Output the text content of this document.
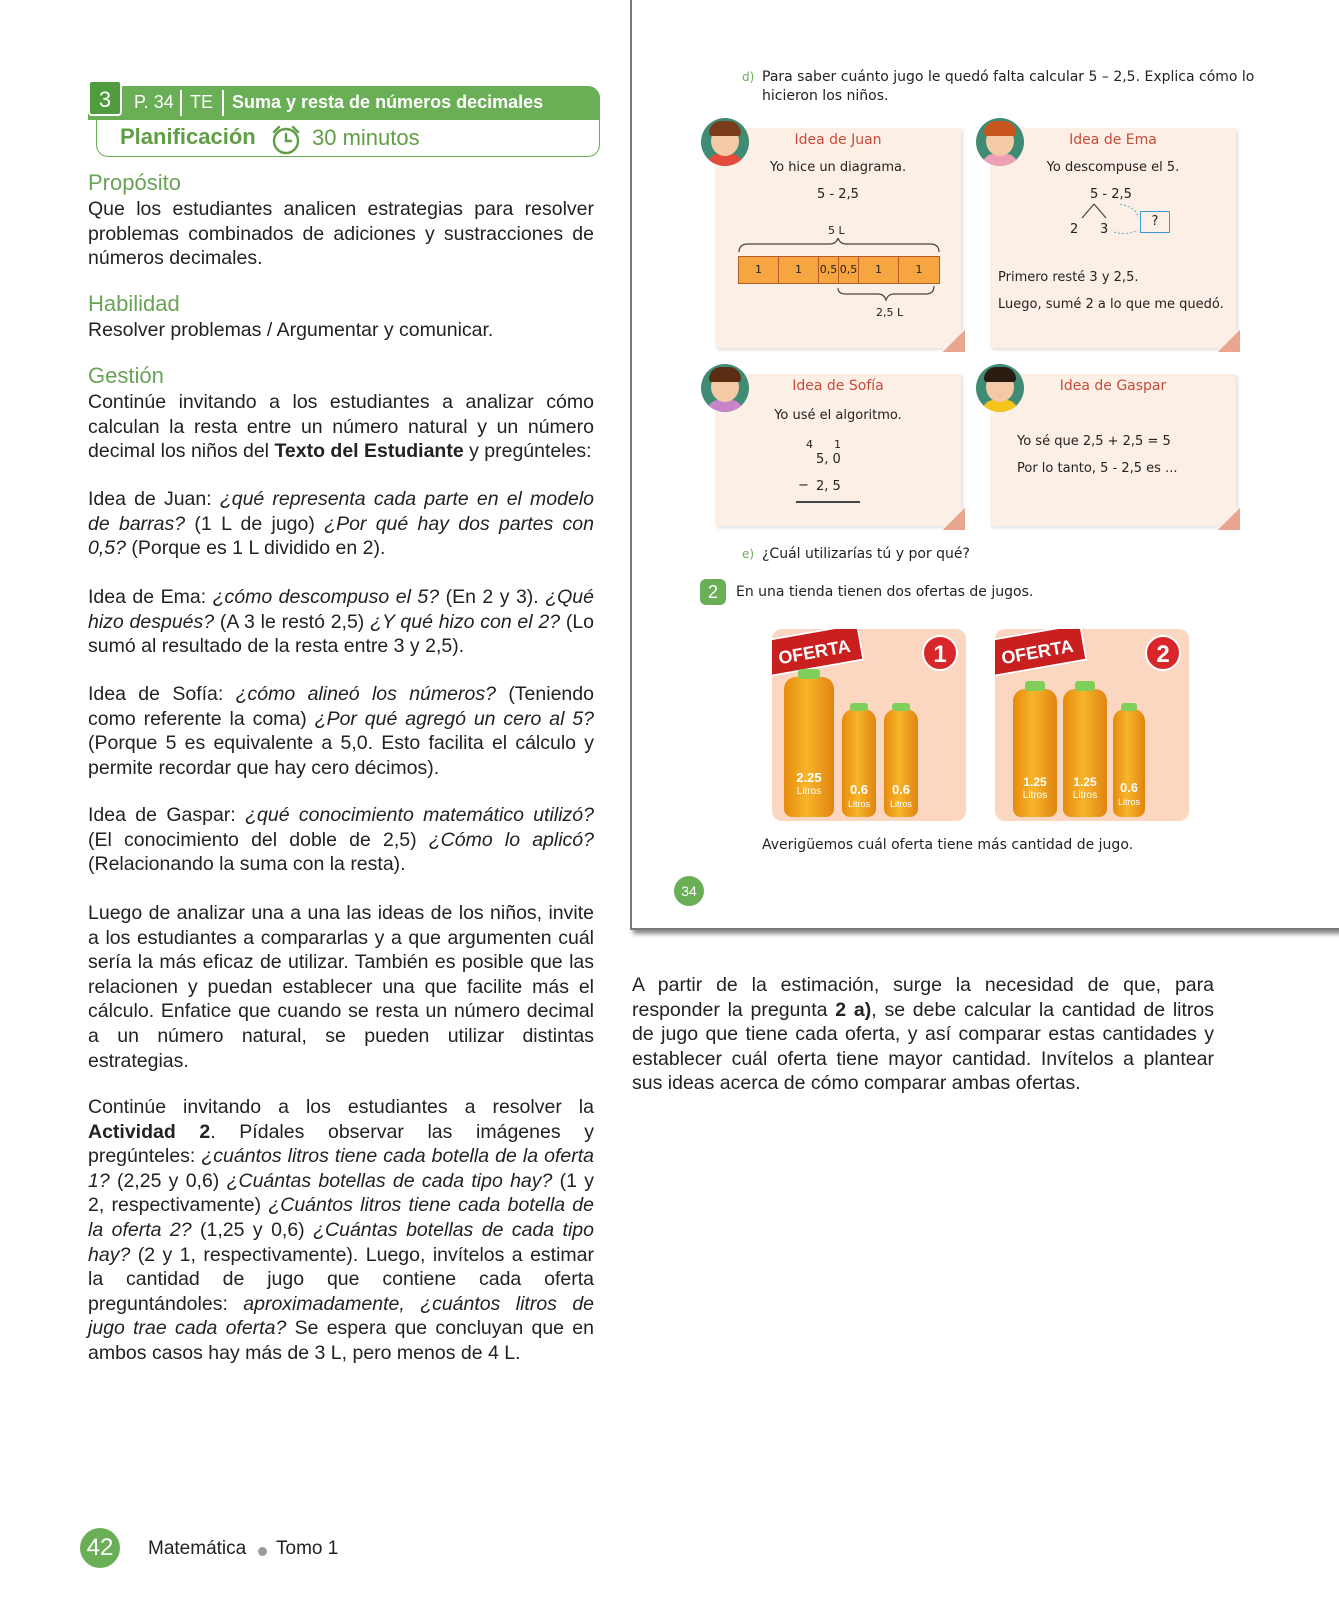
3	P. 34 TE Suma y resta de números decimales
Planificación	30 minutos
Propósito
Que los estudiantes analicen estrategias para resolver problemas combinados de adiciones y sustracciones de números decimales.
Habilidad
Resolver problemas / Argumentar y comunicar.
Gestión
Continúe invitando a los estudiantes a analizar cómo calculan la resta entre un número natural y un número decimal los niños del Texto del Estudiante y pregúnteles:
Idea de Juan: ¿qué representa cada parte en el modelo de barras? (1 L de jugo) ¿Por qué hay dos partes con 0,5? (Porque es 1 L dividido en 2).
Idea de Ema: ¿cómo descompuso el 5? (En 2 y 3). ¿Qué hizo después? (A 3 le restó 2,5) ¿Y qué hizo con el 2? (Lo sumó al resultado de la resta entre 3 y 2,5).
Idea de Sofía: ¿cómo alineó los números? (Teniendo como referente la coma) ¿Por qué agregó un cero al 5? (Porque 5 es equivalente a 5,0. Esto facilita el cálculo y permite recordar que hay cero décimos).
Idea de Gaspar: ¿qué conocimiento matemático utilizó? (El conocimiento del doble de 2,5) ¿Cómo lo aplicó? (Relacionando la suma con la resta).
Luego de analizar una a una las ideas de los niños, invite a los estudiantes a compararlas y a que argumenten cuál sería la más eficaz de utilizar. También es posible que las relacionen y puedan establecer una que facilite más el cálculo. Enfatice que cuando se resta un número decimal a un número natural, se pueden utilizar distintas estrategias.
Continúe invitando a los estudiantes a resolver la Actividad 2. Pídales observar las imágenes y pregúnteles: ¿cuántos litros tiene cada botella de la oferta 1? (2,25 y 0,6) ¿Cuántas botellas de cada tipo hay? (1 y 2, respectivamente) ¿Cuántos litros tiene cada botella de la oferta 2? (1,25 y 0,6) ¿Cuántas botellas de cada tipo hay? (2 y 1, respectivamente). Luego, invítelos a estimar la cantidad de jugo que contiene cada oferta preguntándoles: aproximadamente, ¿cuántos litros de jugo trae cada oferta? Se espera que concluyan que en ambos casos hay más de 3 L, pero menos de 4 L.
42	Matemática Tomo 1
d) Para saber cuánto jugo le quedó falta calcular 5 – 2,5. Explica cómo lo hicieron los niños.
Idea de Juan
Yo hice un diagrama.
5 - 2,5
5 L
1	1	0,5 0,5	1	1
2,5 L
Idea de Ema
Yo descompuse el 5.
5 - 2,5
2 3
?
Primero resté 3 y 2,5.
Luego, sumé 2 a lo que me quedó.
Idea de Sofía
Yo usé el algoritmo.
4 1
5, 0
− 2, 5
Idea de Gaspar
Yo sé que 2,5 + 2,5 = 5
Por lo tanto, 5 - 2,5 es ...
e) ¿Cuál utilizarías tú y por qué?
2	En una tienda tienen dos ofertas de jugos.
OFERTA	1
2.25
Litros	0.6
Litros
0.6
Litros
OFERTA	2
1.25
Litros
1.25
Litros
0.6
Litros
Averigüemos cuál oferta tiene más cantidad de jugo.
34
A partir de la estimación, surge la necesidad de que, para responder la pregunta 2 a), se debe calcular la cantidad de litros de jugo que tiene cada oferta, y así comparar estas cantidades y establecer cuál oferta tiene mayor cantidad. Invítelos a plantear sus ideas acerca de cómo comparar ambas ofertas.
